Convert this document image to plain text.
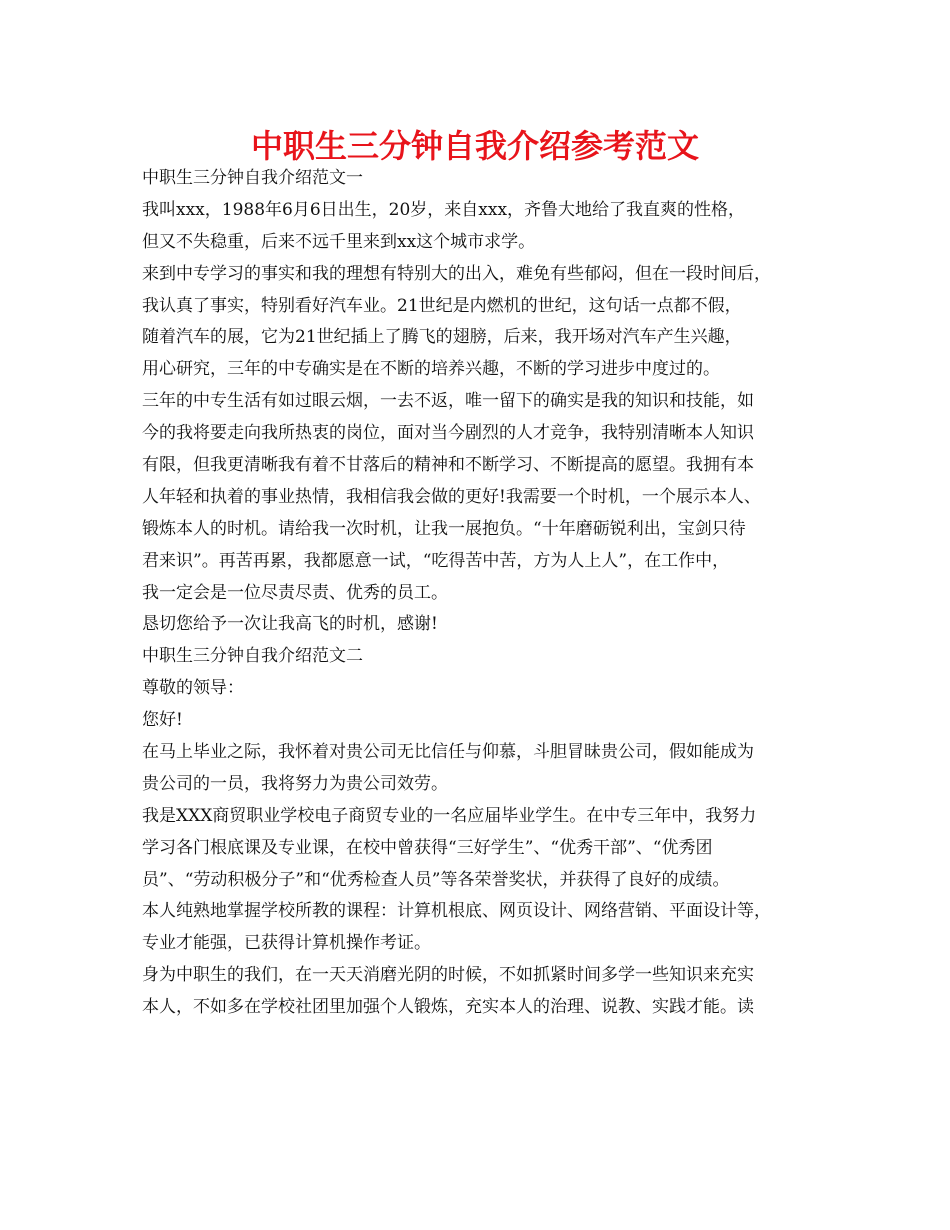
中职生三分钟自我介绍参考范文
中职生三分钟自我介绍范文一
我叫xxx，1988年6月6日出生，20岁，来自xxx，齐鲁大地给了我直爽的性格，
但又不失稳重，后来不远千里来到xx这个城市求学。
来到中专学习的事实和我的理想有特别大的出入，难免有些郁闷，但在一段时间后，
我认真了事实，特别看好汽车业。21世纪是内燃机的世纪，这句话一点都不假，
随着汽车的展，它为21世纪插上了腾飞的翅膀，后来，我开场对汽车产生兴趣，
用心研究，三年的中专确实是在不断的培养兴趣，不断的学习进步中度过的。
三年的中专生活有如过眼云烟，一去不返，唯一留下的确实是我的知识和技能，如
今的我将要走向我所热衷的岗位，面对当今剧烈的人才竞争，我特别清晰本人知识
有限，但我更清晰我有着不甘落后的精神和不断学习、不断提高的愿望。我拥有本
人年轻和执着的事业热情，我相信我会做的更好!我需要一个时机，一个展示本人、
锻炼本人的时机。请给我一次时机，让我一展抱负。“十年磨砺锐利出，宝剑只待
君来识”。再苦再累，我都愿意一试，“吃得苦中苦，方为人上人”，在工作中，
我一定会是一位尽责尽责、优秀的员工。
恳切您给予一次让我高飞的时机，感谢!
中职生三分钟自我介绍范文二
尊敬的领导：
您好!
在马上毕业之际，我怀着对贵公司无比信任与仰慕，斗胆冒昧贵公司，假如能成为
贵公司的一员，我将努力为贵公司效劳。
我是XXX商贸职业学校电子商贸专业的一名应届毕业学生。在中专三年中，我努力
学习各门根底课及专业课，在校中曾获得“三好学生”、“优秀干部”、“优秀团
员”、“劳动积极分子”和“优秀检查人员”等各荣誉奖状，并获得了良好的成绩。
本人纯熟地掌握学校所教的课程：计算机根底、网页设计、网络营销、平面设计等，
专业才能强，已获得计算机操作考证。
身为中职生的我们，在一天天消磨光阴的时候，不如抓紧时间多学一些知识来充实
本人，不如多在学校社团里加强个人锻炼，充实本人的治理、说教、实践才能。读
